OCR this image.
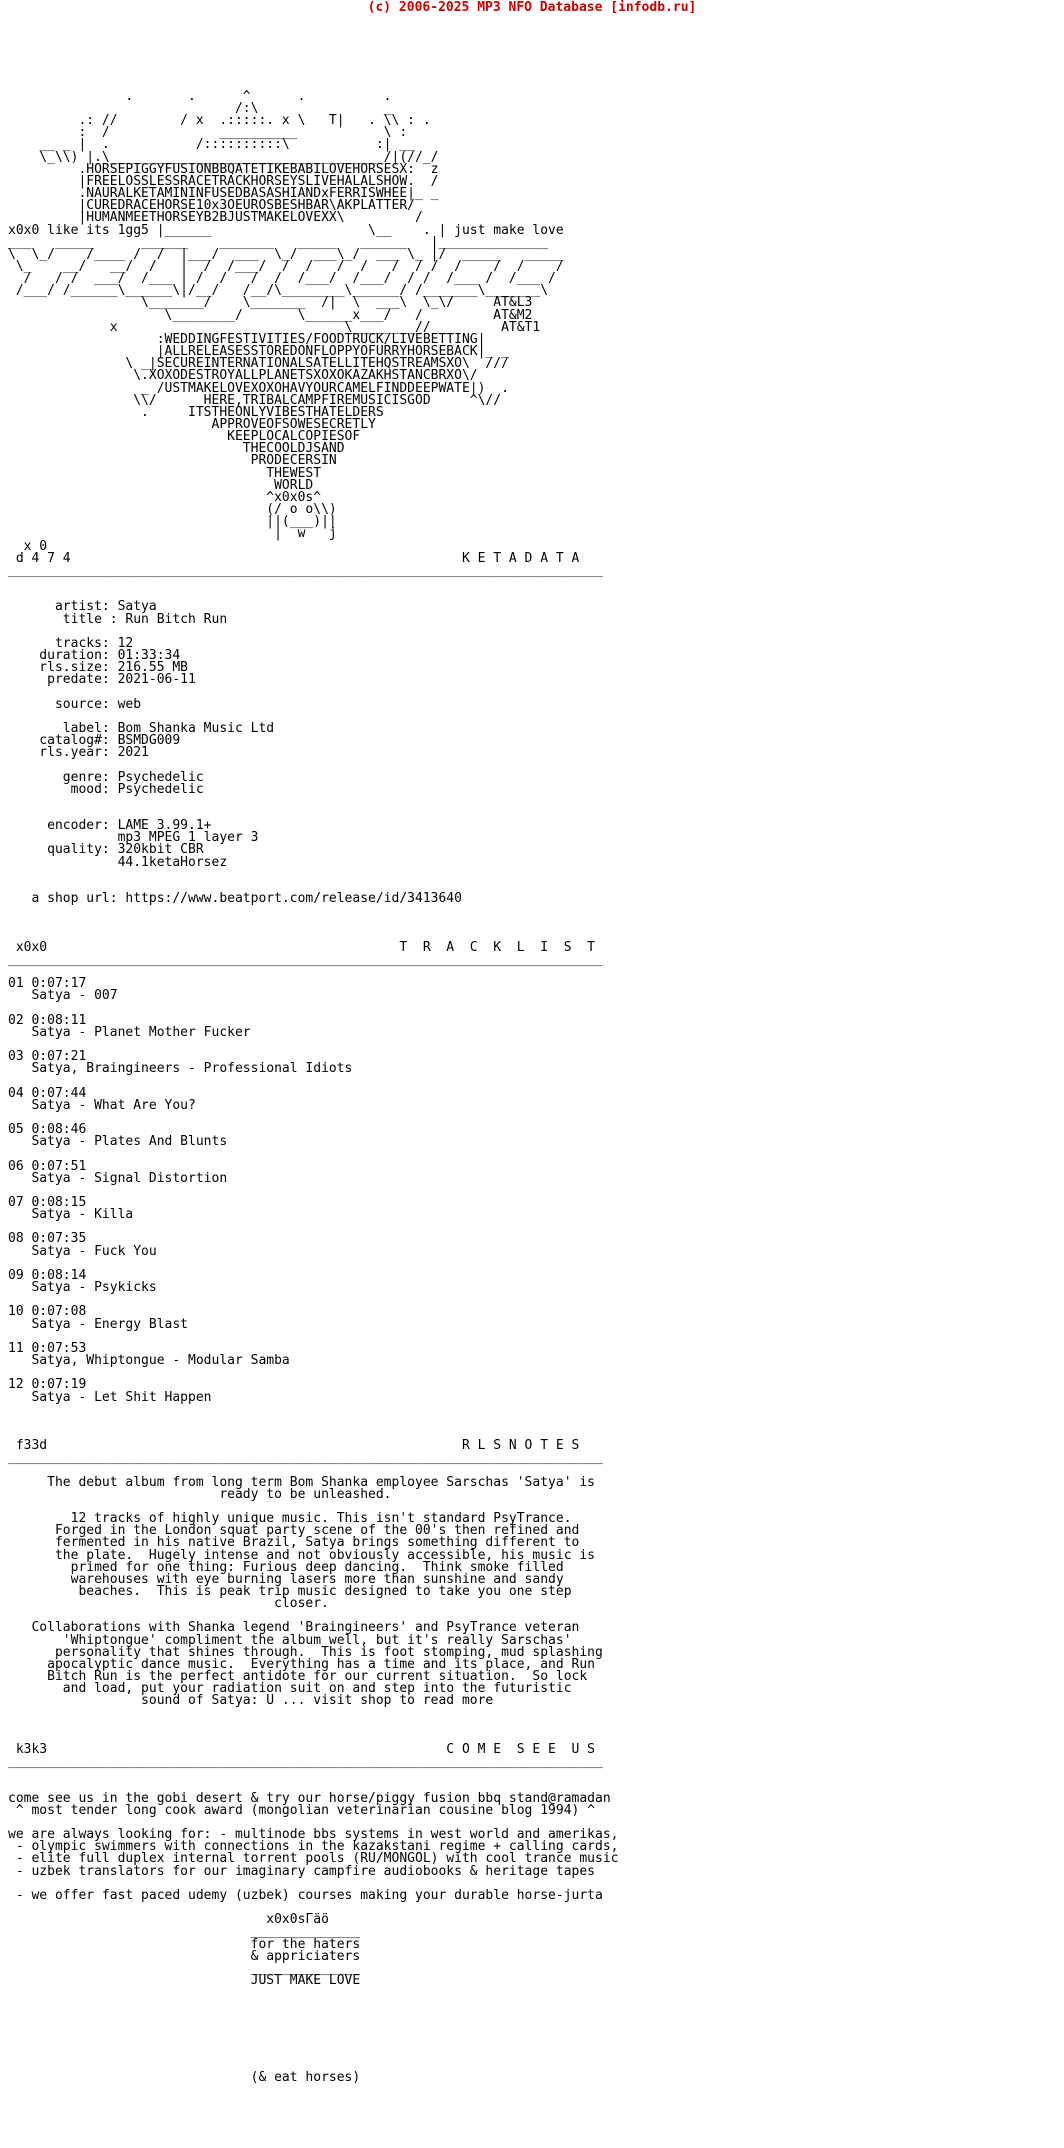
(c) 2006-2025 MP3 NFO Database [infodb.ru]

.       .      ^      .          .
/:\                _
.: //        / x  .:::::. x \   T|   . \\ : .
:  /              __________           \ :
__ _ |  .           /::::::::::\           :| __
\_\\) |.\___________________________________/|(//_/
.HORSEPIGGYFUSIONBBQATETIKEBABILOVEHORSESX:  z
|FREELOSSLESSRACETRACKHORSEYSLIVEHALALSHOW.  /
.NAURALKETAMININFUSEDBASASHIANDxFERRISWHEE|_ _
|CUREDRACEHORSE10x3OEUROSBESHBAR\AKPLATTER/
|HUMANMEETHORSEYB2BJUSTMAKELOVEXX\         /
x0x0 like its 1gg5 |______                    \__    . | just make love
___   _____      ______    _______   _____   ______   |______________
\  \_/    /____ /  /  |___/  ___  \_/  ___\_/  ___ \_ |/  _____   _____
\_    __/   __/  /   |  /  /___/  /  /   /  /   /  / /  /    /  /    /
/   / /  ___/  /___ | /  /   /  /  /___/  /___/  / /  /___ /  /___ /
/___/ /______\______\|/__/   /__/\________\______/ /_______\_______\
\_______/    \_______  /|  \  ___\  \_\/     AT&L3
\________/       \______x___/   /         AT&M2
x                             \________//         AT&T1
:WEDDINGFESTIVITIES/FOODTRUCK/LIVEBETTING|
|ALLRELEASESSTOREDONFLOPPYOFURRYHORSEBACK|_ _
\ _|SECUREINTERNATIONALSATELLITEHQSTREAMSXO\  ///
\.XOXODESTROYALLPLANETSXOXOKAZAKHSTANCBRXO\/
_ /USTMAKELOVEXOXOHAVYOURCAMELFINDDEEPWATE|)  .
\\/      HERE,TRIBALCAMPFIREMUSICISGOD     ^\//
.     ITSTHEONLYVIBESTHATELDERS
APPROVEOFSOWESECRETLY
KEEPLOCALCOPIESOF
THECOOLDJSAND
PRODECERSIN
THEWEST
WORLD
^x0x0s^
(/ o o\\)
||(___)||
|  w   j
x 0
d 4 7 4                                                  K E T A D A T A
____________________________________________________________________________

artist: Satya
title : Run Bitch Run

tracks: 12
duration: 01:33:34
rls.size: 216.55 MB
predate: 2021-06-11

source: web

label: Bom Shanka Music Ltd
catalog#: BSMDG009
rls.year: 2021

genre: Psychedelic
mood: Psychedelic

encoder: LAME 3.99.1+
mp3 MPEG 1 layer 3
quality: 320kbit CBR
44.1ketaHorsez

a shop url: https://www.beatport.com/release/id/3413640

x0x0                                             T  R  A  C  K  L  I  S  T
____________________________________________________________________________

01 0:07:17
Satya - 007

02 0:08:11
Satya - Planet Mother Fucker

03 0:07:21
Satya, Braingineers - Professional Idiots

04 0:07:44
Satya - What Are You?

05 0:08:46
Satya - Plates And Blunts

06 0:07:51
Satya - Signal Distortion

07 0:08:15
Satya - Killa

08 0:07:35
Satya - Fuck You

09 0:08:14
Satya - Psykicks

10 0:07:08
Satya - Energy Blast

11 0:07:53
Satya, Whiptongue - Modular Samba

12 0:07:19
Satya - Let Shit Happen

f33d                                                     R L S N O T E S
____________________________________________________________________________

The debut album from long term Bom Shanka employee Sarschas 'Satya' is
ready to be unleashed.

12 tracks of highly unique music. This isn't standard PsyTrance.
Forged in the London squat party scene of the 00's then refined and
fermented in his native Brazil, Satya brings something different to
the plate.  Hugely intense and not obviously accessible, his music is
primed for one thing: Furious deep dancing.  Think smoke filled
warehouses with eye burning lasers more than sunshine and sandy
beaches.  This is peak trip music designed to take you one step
closer.

Collaborations with Shanka legend 'Braingineers' and PsyTrance veteran
'Whiptongue' compliment the album well, but it's really Sarschas'
personality that shines through.  This is foot stomping, mud splashing
apocalyptic dance music.  Everything has a time and its place, and Run
Bitch Run is the perfect antidote for our current situation.  So lock
and load, put your radiation suit on and step into the futuristic
sound of Satya: U ... visit shop to read more

k3k3                                                   C O M E  S E E  U S
____________________________________________________________________________

come see us in the gobi desert & try our horse/piggy fusion bbq stand@ramadan
^ most tender long cook award (mongolian veterinarian cousine blog 1994) ^

we are always looking for: - multinode bbs systems in west world and amerikas,
- olympic swimmers with connections in the kazakstani regime + calling cards,
- elite full duplex internal torrent pools (RU/MONGOL) with cool trance music
- uzbek translators for our imaginary campfire audiobooks & heritage tapes

- we offer fast paced udemy (uzbek) courses making your durable horse-jurta

x0x0sГäö
______________
for the haters
& appriciaters
______________
JUST MAKE LOVE

(& eat horses)
